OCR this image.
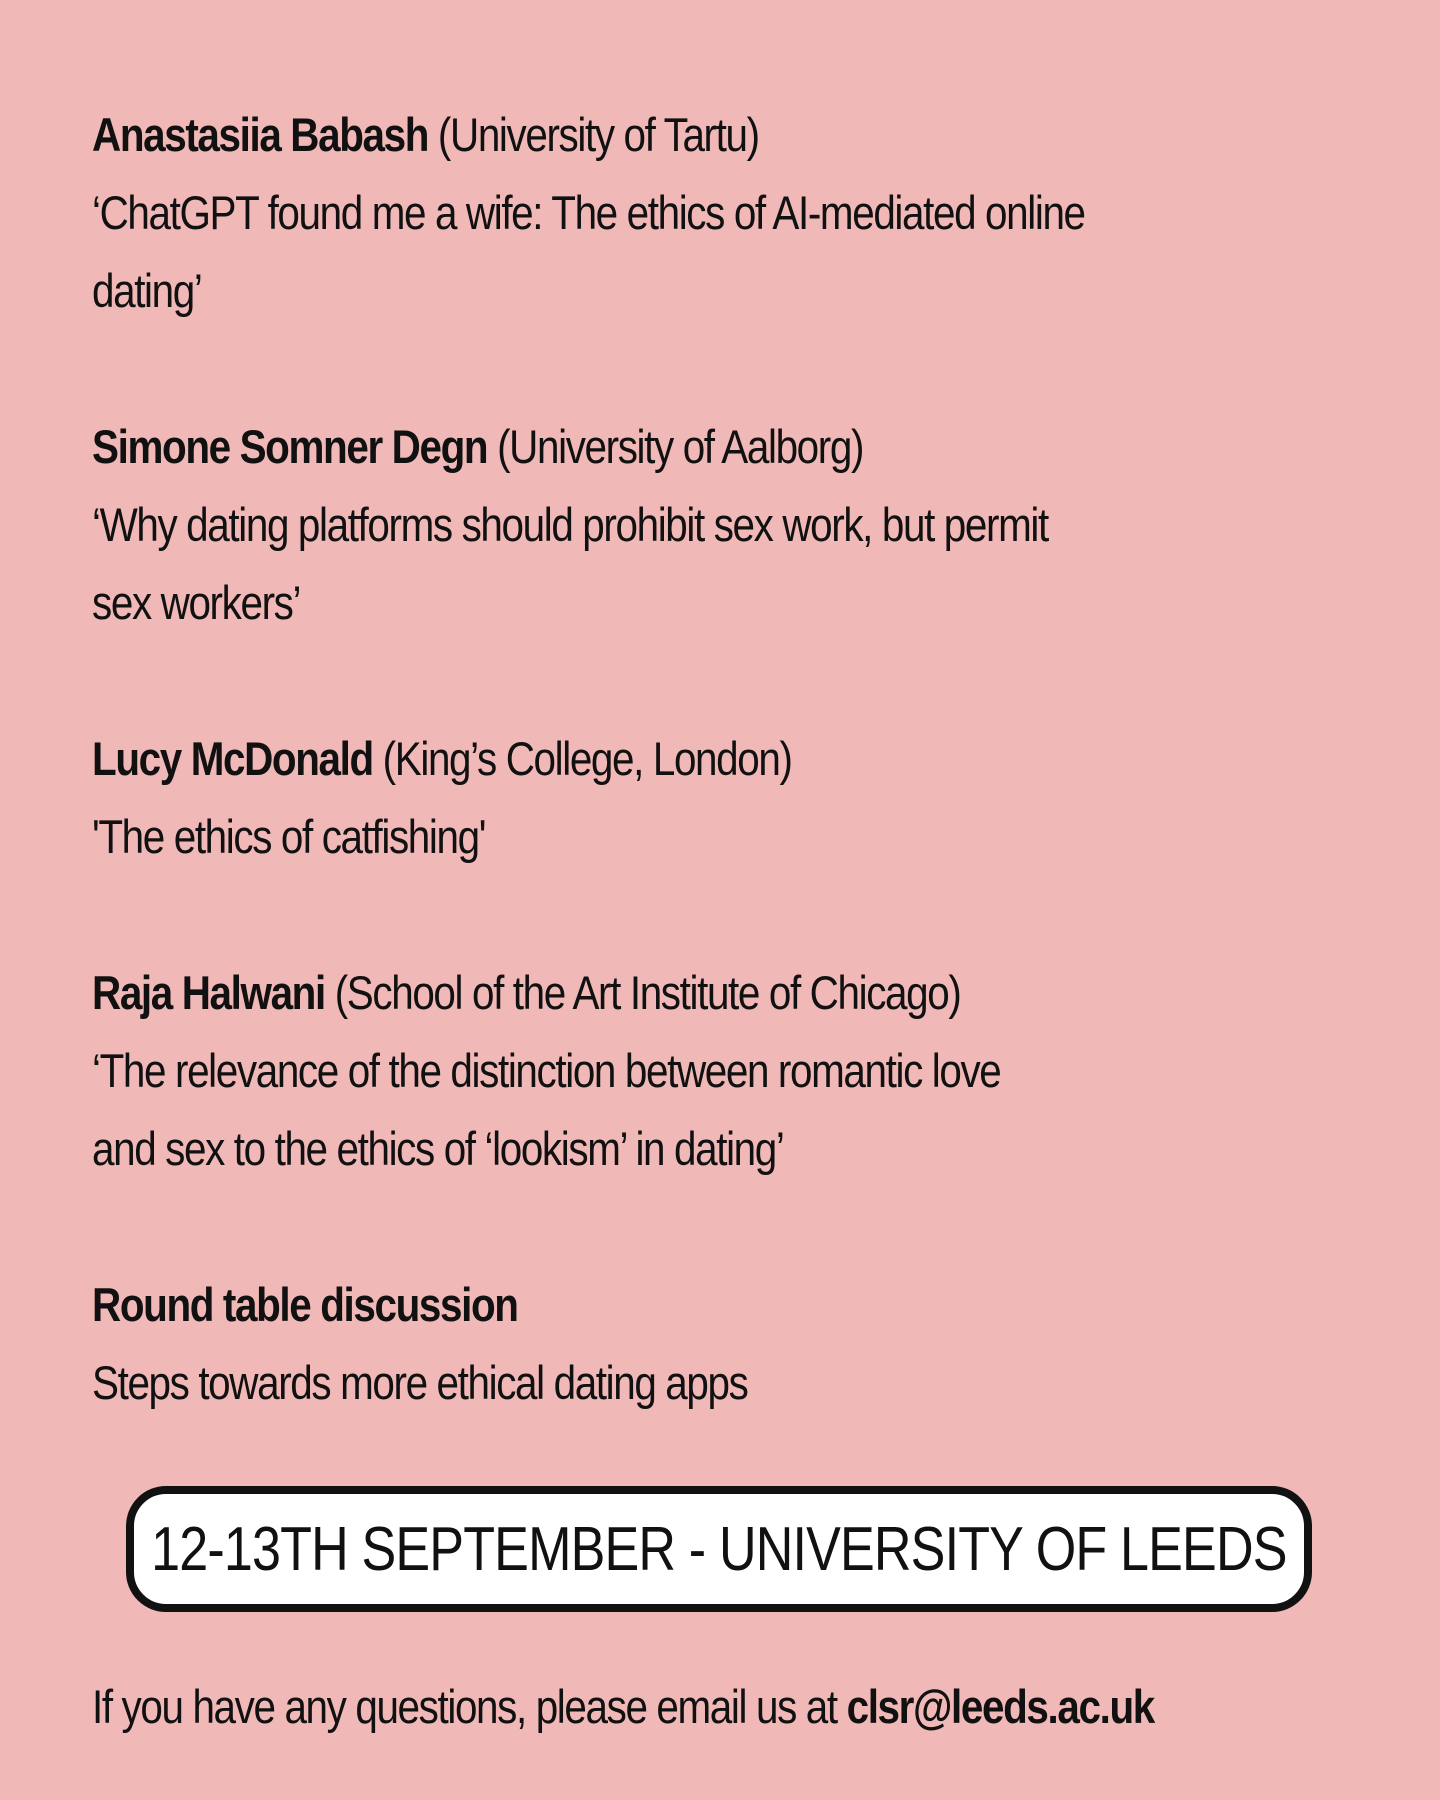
Anastasiia Babash (University of Tartu)
‘ChatGPT found me a wife: The ethics of AI-mediated online
dating’
Simone Somner Degn (University of Aalborg)
‘Why dating platforms should prohibit sex work, but permit
sex workers’
Lucy McDonald (King’s College, London)
'The ethics of catfishing'
Raja Halwani (School of the Art Institute of Chicago)
‘The relevance of the distinction between romantic love
and sex to the ethics of ‘lookism’ in dating’
Round table discussion
Steps towards more ethical dating apps
12-13TH SEPTEMBER - UNIVERSITY OF LEEDS
If you have any questions, please email us at clsr@leeds.ac.uk
